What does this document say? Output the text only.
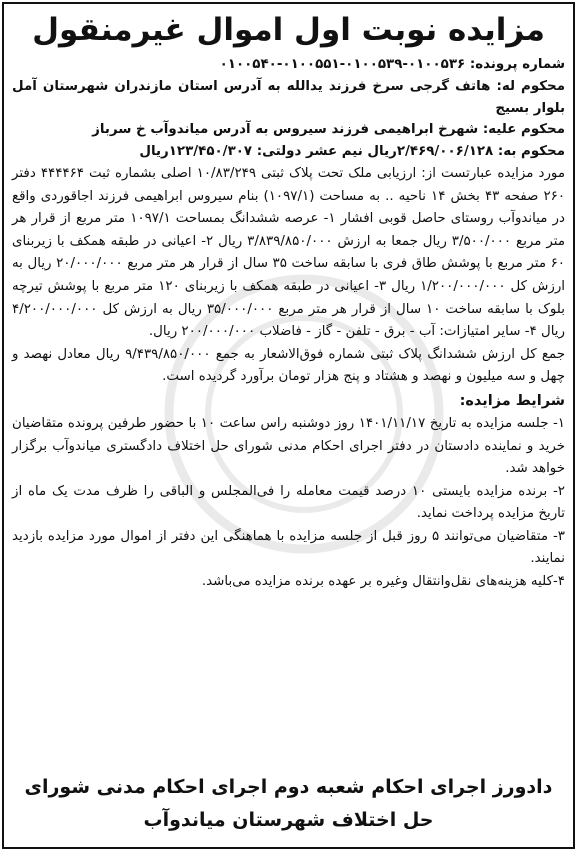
مزایده نوبت اول اموال غیرمنقول

شماره پرونده: ۰۱۰۰۵۳۶-۰۱۰۰۵۳۹-۰۱۰۰۵۵۱-۰۱۰۰۵۴۰

محکوم له: هاتف گرجی سرخ فرزند یدالله به آدرس استان مازندران شهرستان آمل بلوار بسیج

محکوم علیه: شهرخ ابراهیمی فرزند سیروس به آدرس میاندوآب خ سرباز

محکوم به: ۲/۴۶۹/۰۰۶/۱۲۸ریال نیم عشر دولتی: ۱۲۳/۴۵۰/۳۰۷ریال

مورد مزایده عبارتست از: ارزیابی ملک تحت پلاک ثبتی ۱۰/۸۳/۲۴۹ اصلی بشماره ثبت ۴۴۴۴۶۴ دفتر ۲۶۰ صفحه ۴۳ بخش ۱۴ ناحیه .. به مساحت (۱۰۹۷/۱) بنام سیروس ابراهیمی فرزند اجاقوردی واقع در میاندوآب روستای حاصل قوبی افشار ۱- عرصه ششدانگ بمساحت ۱۰۹۷/۱ متر مربع از قرار هر متر مربع ۳/۵۰۰/۰۰۰ ریال جمعا به ارزش ۳/۸۳۹/۸۵۰/۰۰۰ ریال ۲- اعیانی در طبقه همکف با زیربنای ۶۰ متر مربع با پوشش طاق فری با سابقه ساخت ۳۵ سال از قرار هر متر مربع ۲۰/۰۰۰/۰۰۰ ریال به ارزش کل ۱/۲۰۰/۰۰۰/۰۰۰ ریال ۳- اعیانی در طبقه همکف با زیربنای ۱۲۰ متر مربع با پوشش تیرچه بلوک با سابقه ساخت ۱۰ سال از قرار هر متر مربع ۳۵/۰۰۰/۰۰۰ ریال به ارزش کل ۴/۲۰۰/۰۰۰/۰۰۰ ریال ۴- سایر امتیازات: آب - برق - تلفن - گاز - فاضلاب ۲۰۰/۰۰۰/۰۰۰ ریال.

جمع کل ارزش ششدانگ پلاک ثبتی شماره فوق‌الاشعار به جمع ۹/۴۳۹/۸۵۰/۰۰۰ ریال معادل نهصد و چهل و سه میلیون و نهصد و هشتاد و پنج هزار تومان برآورد گردیده است.

شرایط مزایده:

۱- جلسه مزایده به تاریخ ۱۴۰۱/۱۱/۱۷ روز دوشنبه راس ساعت ۱۰ با حضور طرفین پرونده متقاضیان خرید و نماینده دادستان در دفتر اجرای احکام مدنی شورای حل اختلاف دادگستری میاندوآب برگزار خواهد شد.

۲- برنده مزایده بایستی ۱۰ درصد قیمت معامله را فی‌المجلس و الباقی را ظرف مدت یک ماه از تاریخ مزایده پرداخت نماید.

۳- متقاضیان می‌توانند ۵ روز قبل از جلسه مزایده با هماهنگی این دفتر از اموال مورد مزایده بازدید نمایند.

۴-کلیه هزینه‌های نقل‌وانتقال وغیره بر عهده برنده مزایده می‌باشد.

دادورز اجرای احکام شعبه دوم اجرای احکام مدنی شورای
حل اختلاف شهرستان میاندوآب
